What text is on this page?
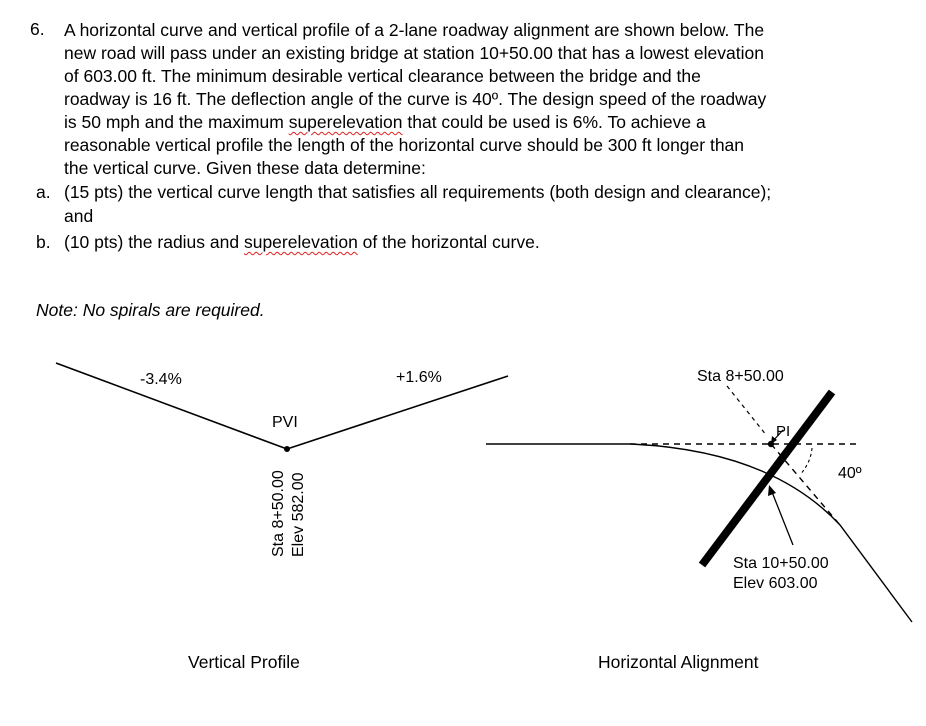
6. A horizontal curve and vertical profile of a 2-lane roadway alignment are shown below. The
new road will pass under an existing bridge at station 10+50.00 that has a lowest elevation
of 603.00 ft. The minimum desirable vertical clearance between the bridge and the
roadway is 16 ft. The deflection angle of the curve is 40º. The design speed of the roadway
is 50 mph and the maximum superelevation that could be used is 6%. To achieve a
reasonable vertical profile the length of the horizontal curve should be 300 ft longer than
the vertical curve. Given these data determine:
a. (15 pts) the vertical curve length that satisfies all requirements (both design and clearance);
and
b. (10 pts) the radius and superelevation of the horizontal curve.
Note: No spirals are required.
-3.4%	+1.6%
PVI
Sta 8+50.00 Elev 582.00
Vertical Profile
Sta 8+50.00
PI
40º
Sta 10+50.00
Elev 603.00
Horizontal Alignment
